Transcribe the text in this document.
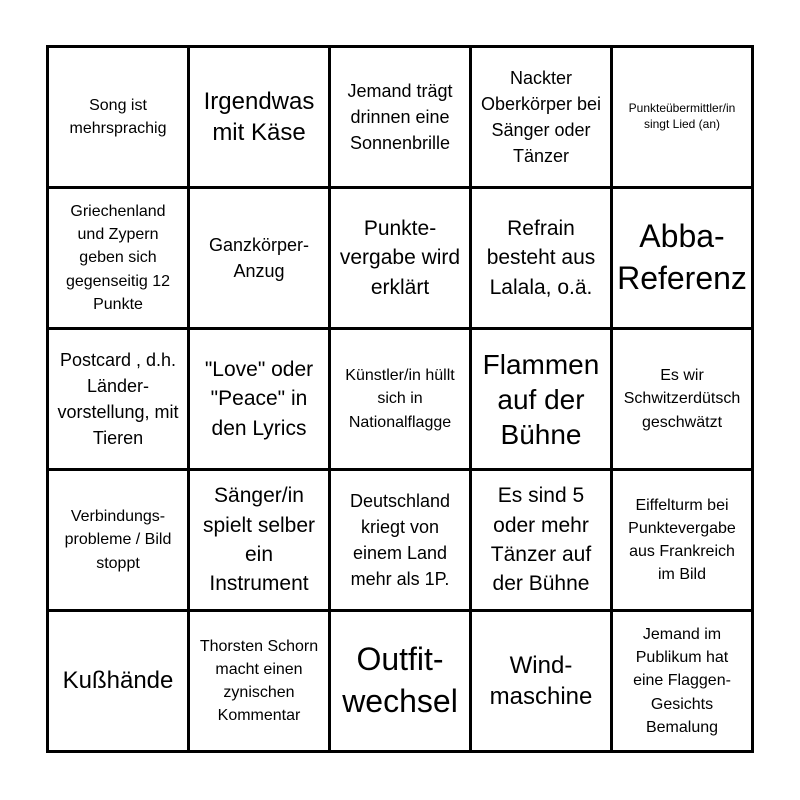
Song ist mehrsprachig
Irgendwas mit Käse
Jemand trägt drinnen eine Sonnenbrille
Nackter Oberkörper bei Sänger oder Tänzer
Punkteübermittler/in singt Lied (an)
Griechenland und Zypern geben sich gegenseitig 12 Punkte
Ganzkörper-Anzug
Punkte-vergabe wird erklärt
Refrain besteht aus Lalala, o.ä.
Abba-Referenz
Postcard , d.h. Länder-vorstellung, mit Tieren
"Love" oder "Peace" in den Lyrics
Künstler/in hüllt sich in Nationalflagge
Flammen auf der Bühne
Es wir Schwitzerdütsch geschwätzt
Verbindungs-probleme / Bild stoppt
Sänger/in spielt selber ein Instrument
Deutschland kriegt von einem Land mehr als 1P.
Es sind 5 oder mehr Tänzer auf der Bühne
Eiffelturm bei Punktevergabe aus Frankreich im Bild
Kußhände
Thorsten Schorn macht einen zynischen Kommentar
Outfit-wechsel
Wind-maschine
Jemand im Publikum hat eine Flaggen-Gesichts Bemalung
